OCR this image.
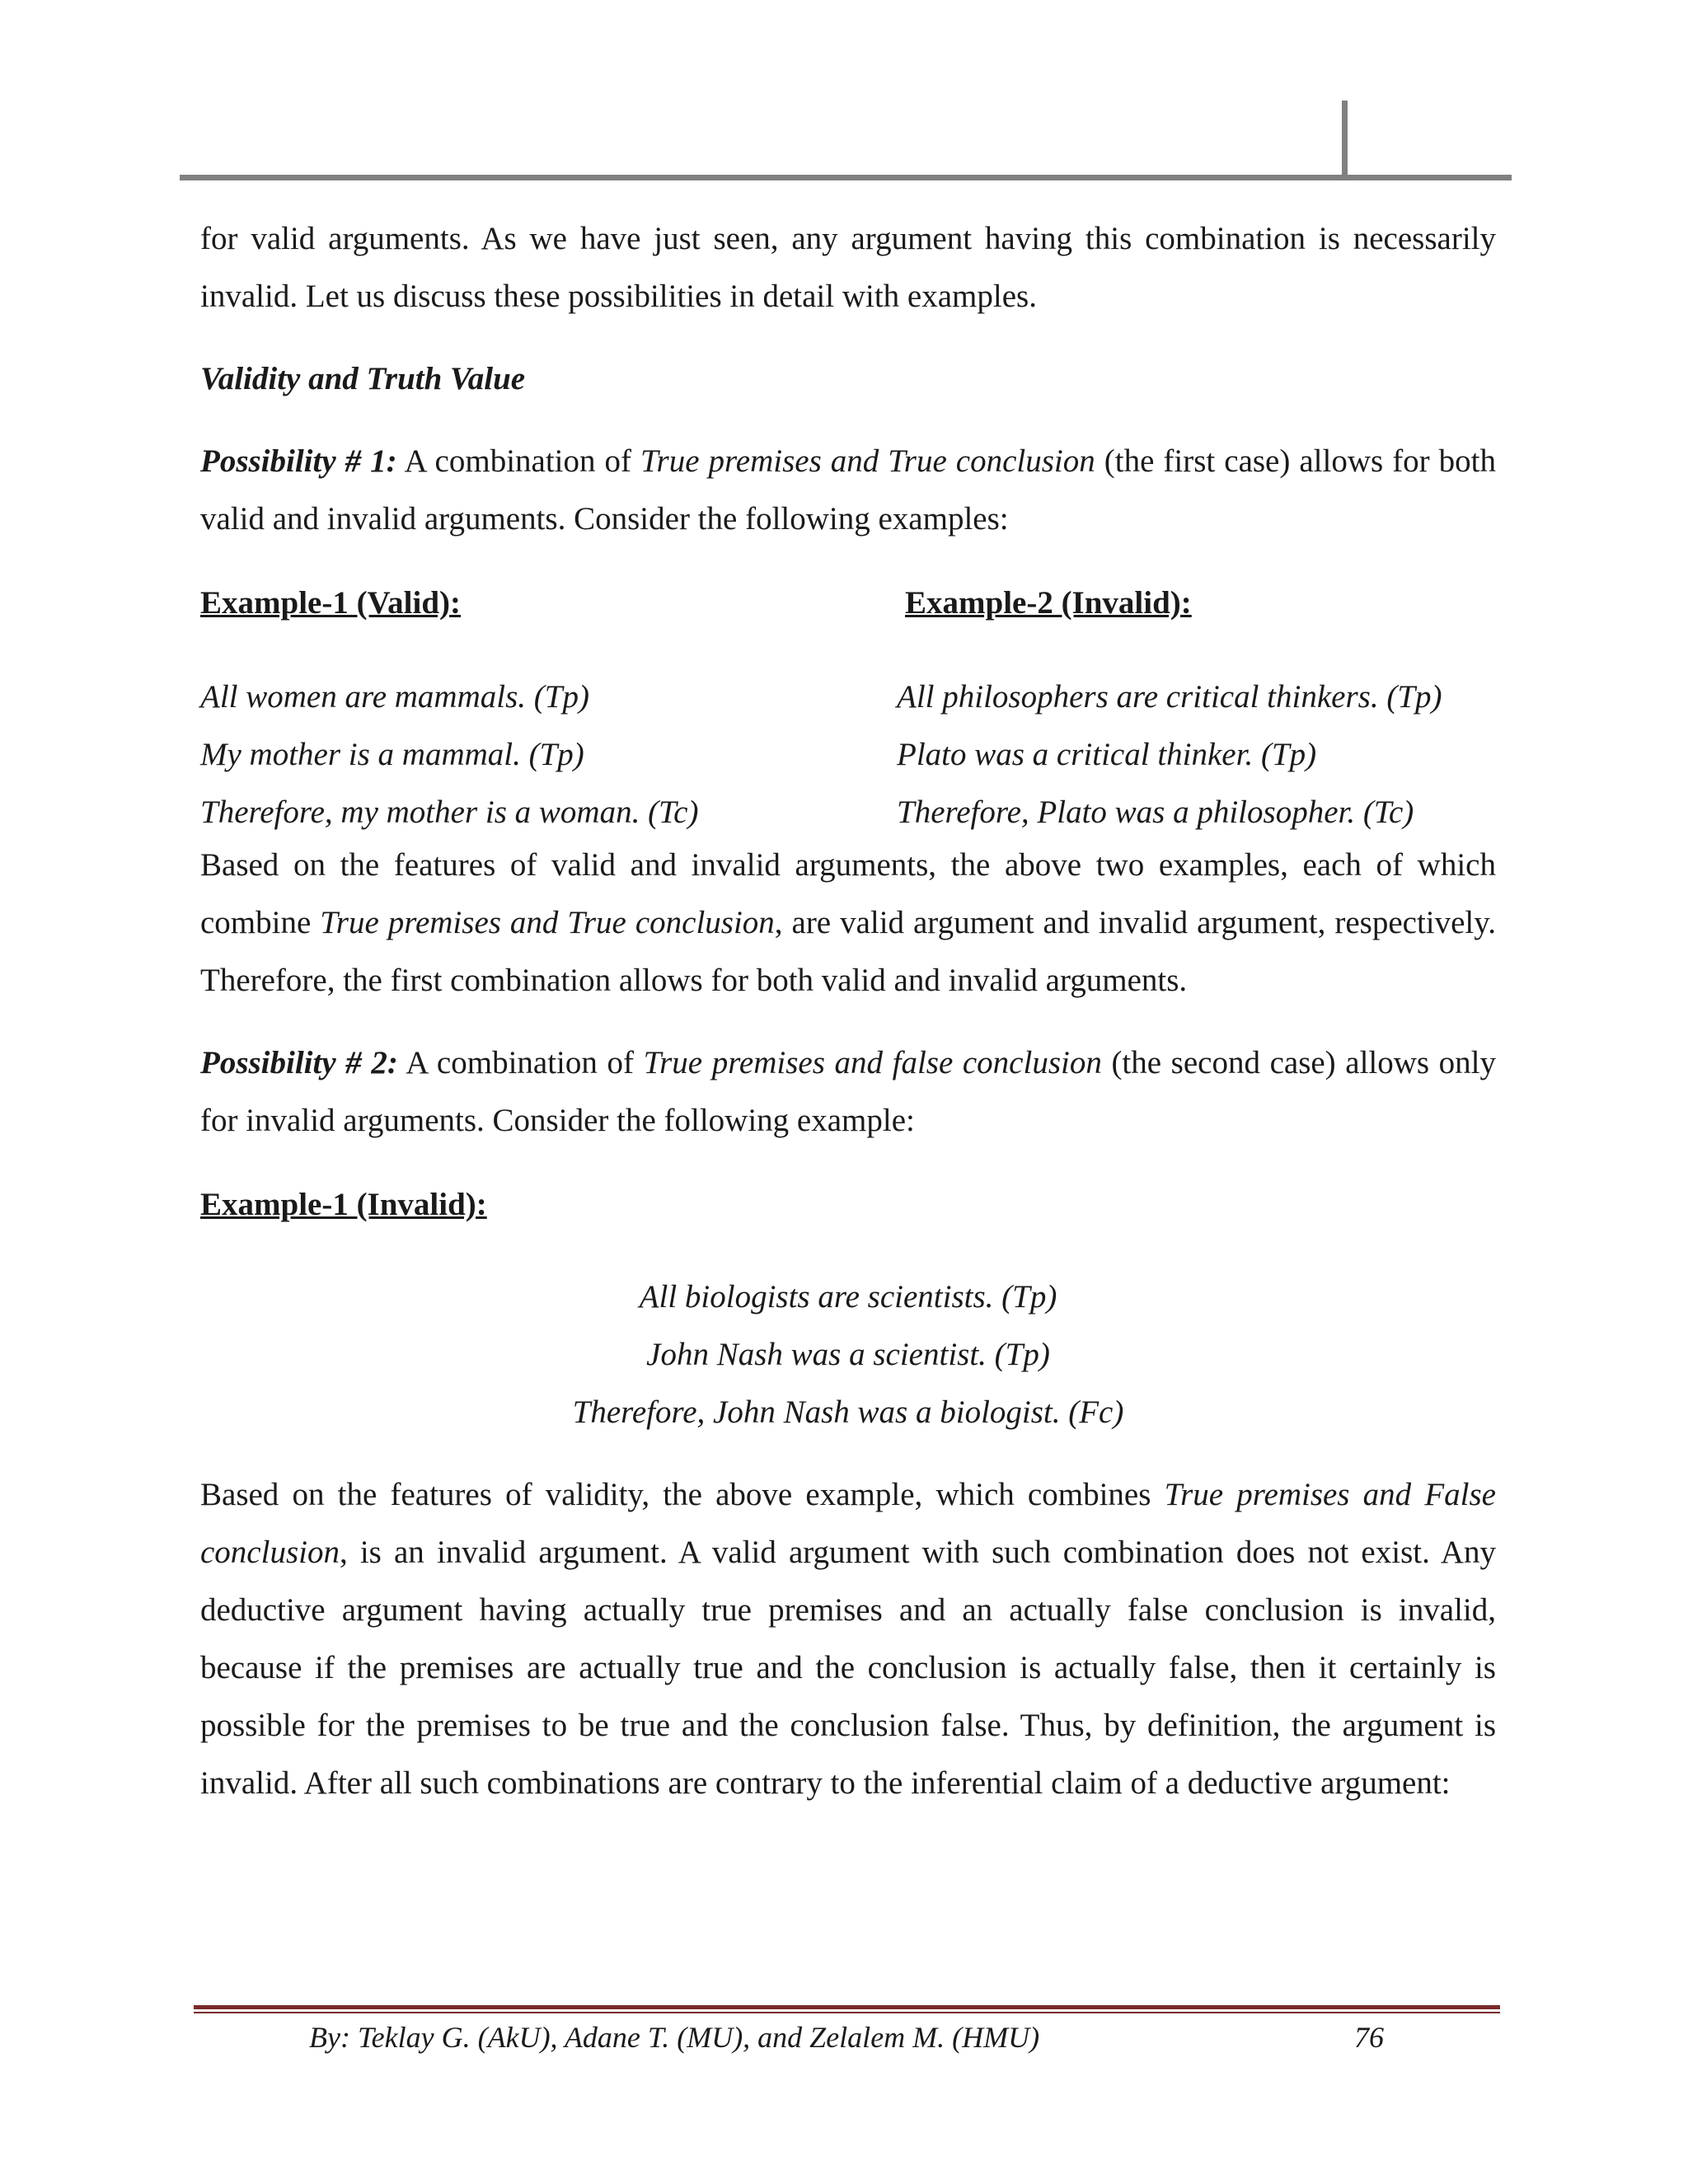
for valid arguments. As we have just seen, any argument having this combination is necessarily
invalid. Let us discuss these possibilities in detail with examples.

Validity and Truth Value

Possibility # 1: A combination of True premises and True conclusion (the first case) allows for both valid and invalid arguments. Consider the following examples:

Example-1 (Valid):

All women are mammals. (Tp)

My mother is a mammal. (Tp)

Therefore, my mother is a woman. (Tc)

Example-2 (Invalid):

All philosophers are critical thinkers. (Tp)

Plato was a critical thinker. (Tp)

Therefore, Plato was a philosopher. (Tc)

Based on the features of valid and invalid arguments, the above two examples, each of which combine True premises and True conclusion, are valid argument and invalid argument, respectively. Therefore, the first combination allows for both valid and invalid arguments.

Possibility # 2: A combination of True premises and false conclusion (the second case) allows only for invalid arguments. Consider the following example:

Example-1 (Invalid):

All biologists are scientists. (Tp)

John Nash was a scientist. (Tp)

Therefore, John Nash was a biologist. (Fc)

Based on the features of validity, the above example, which combines True premises and False conclusion, is an invalid argument. A valid argument with such combination does not exist. Any deductive argument having actually true premises and an actually false conclusion is invalid, because if the premises are actually true and the conclusion is actually false, then it certainly is possible for the premises to be true and the conclusion false. Thus, by definition, the argument is invalid. After all such combinations are contrary to the inferential claim of a deductive argument:

By: Teklay G. (AkU), Adane T. (MU), and Zelalem M. (HMU)	76
